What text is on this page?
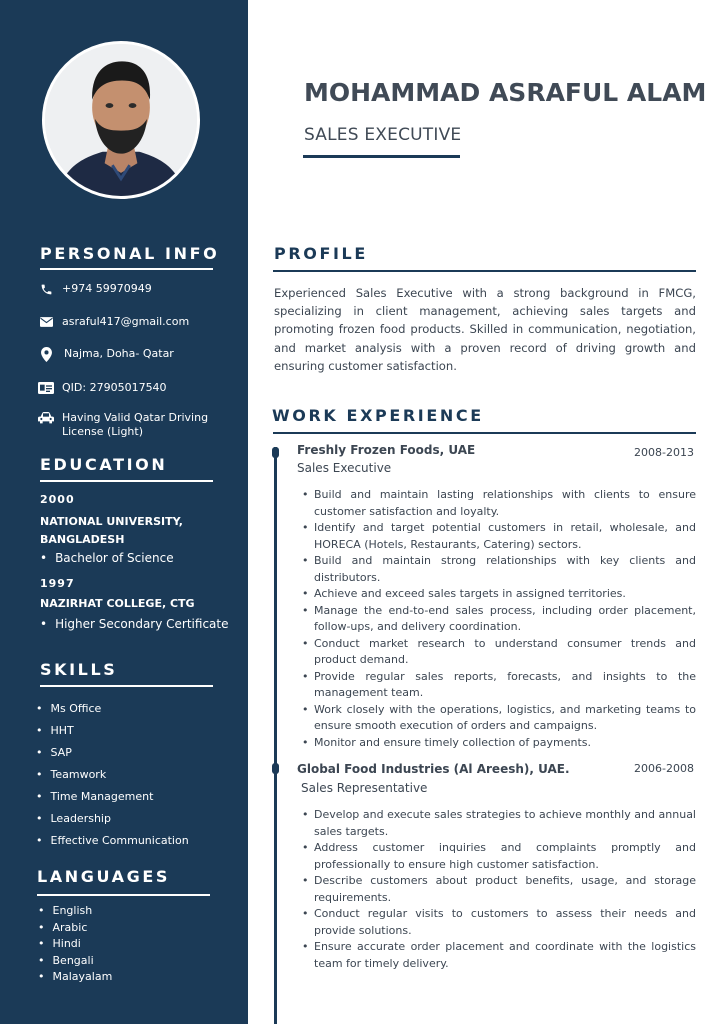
PERSONAL INFO
+974 59970949
asraful417@gmail.com
Najma, Doha- Qatar
QID: 27905017540
Having Valid Qatar Driving
License (Light)
EDUCATION
2000
NATIONAL UNIVERSITY,
BANGLADESH
• Bachelor of Science
1997
NAZIRHAT COLLEGE, CTG
• Higher Secondary Certificate
SKILLS
• Ms Office
• HHT
• SAP
• Teamwork
• Time Management
• Leadership
• Effective Communication
LANGUAGES
• English
• Arabic
• Hindi
• Bengali
• Malayalam
MOHAMMAD ASRAFUL ALAM
SALES EXECUTIVE
PROFILE

Experienced Sales Executive with a strong background in FMCG, specializing in client management, achieving sales targets and promoting frozen food products. Skilled in communication, negotiation, and market analysis with a proven record of driving growth and ensuring customer satisfaction.

WORK EXPERIENCE
Freshly Frozen Foods, UAE	2008-2013
Sales Executive
• Build and maintain lasting relationships with clients to ensure customer satisfaction and loyalty.
• Identify and target potential customers in retail, wholesale, and HORECA (Hotels, Restaurants, Catering) sectors.
• Build and maintain strong relationships with key clients and distributors.
• Achieve and exceed sales targets in assigned territories.
• Manage the end-to-end sales process, including order placement, follow-ups, and delivery coordination.
• Conduct market research to understand consumer trends and product demand.
• Provide regular sales reports, forecasts, and insights to the management team.
• Work closely with the operations, logistics, and marketing teams to ensure smooth execution of orders and campaigns.
• Monitor and ensure timely collection of payments.
Global Food Industries (Al Areesh), UAE.	2006-2008
Sales Representative
• Develop and execute sales strategies to achieve monthly and annual sales targets.
• Address customer inquiries and complaints promptly and professionally to ensure high customer satisfaction.
• Describe customers about product benefits, usage, and storage requirements.
• Conduct regular visits to customers to assess their needs and provide solutions.
• Ensure accurate order placement and coordinate with the logistics team for timely delivery.
